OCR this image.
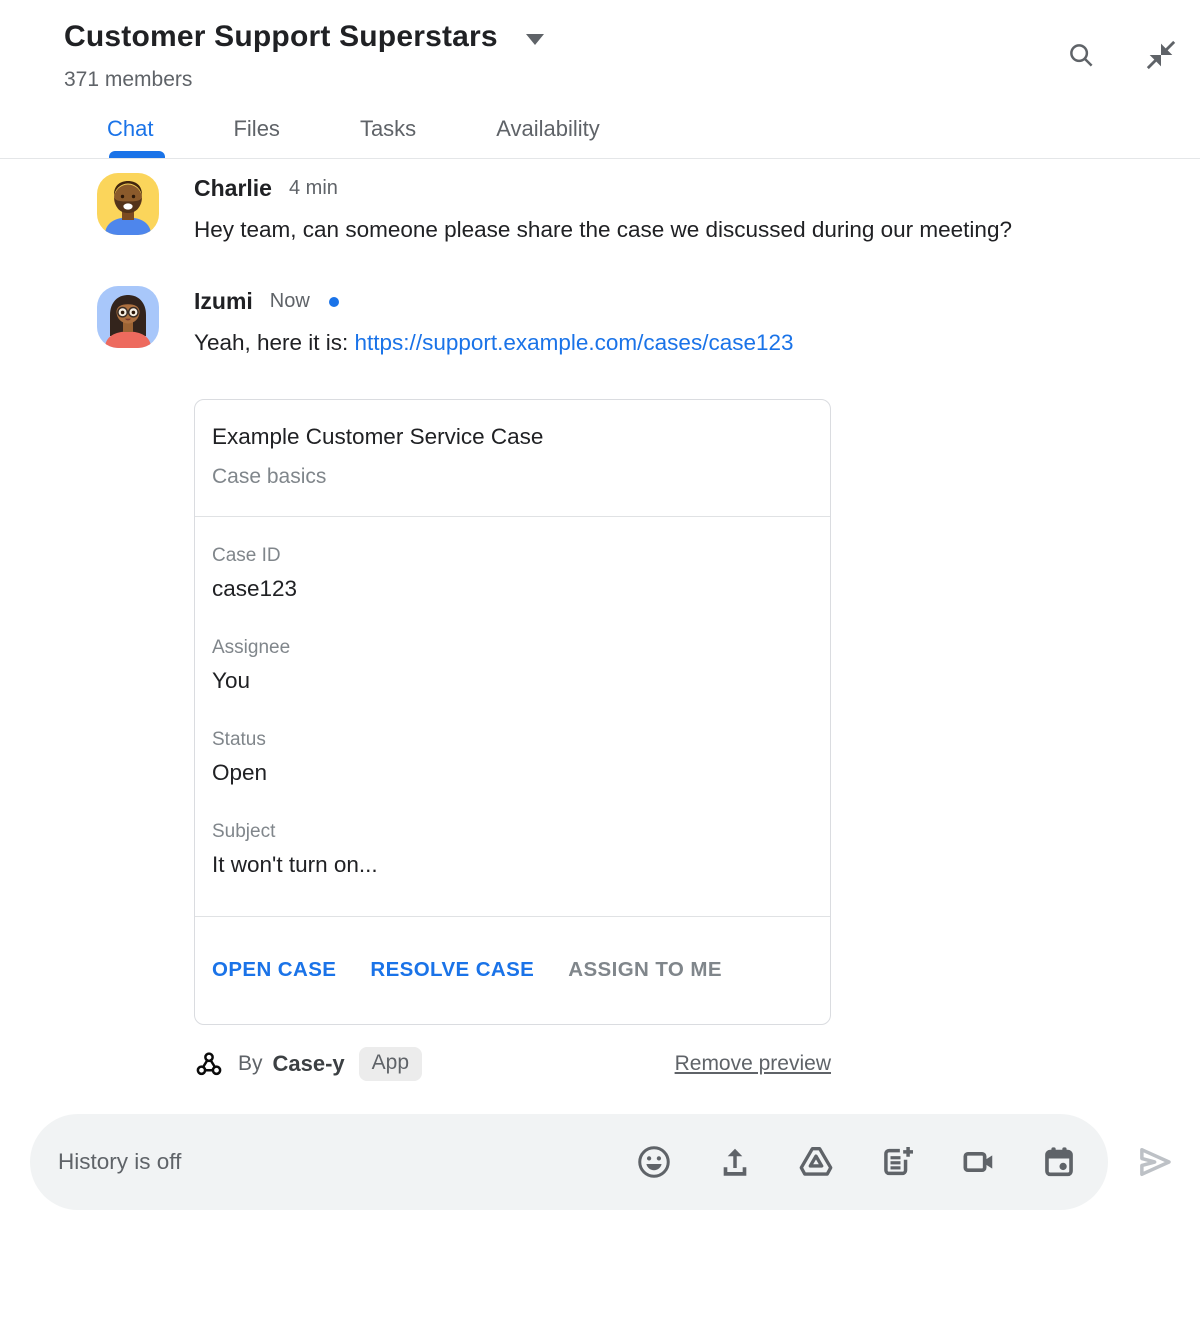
Customer Support Superstars
371 members
Chat	Files	Tasks	Availability
Charlie 4 min
Hey team, can someone please share the case we discussed during our meeting?
Izumi Now
Yeah, here it is: https://support.example.com/cases/case123
Example Customer Service Case
Case basics
Case ID
case123
Assignee
You
Status
Open
Subject
It won't turn on...
OPEN CASE RESOLVE CASE ASSIGN TO ME
By Case-y	App	Remove preview
History is off
